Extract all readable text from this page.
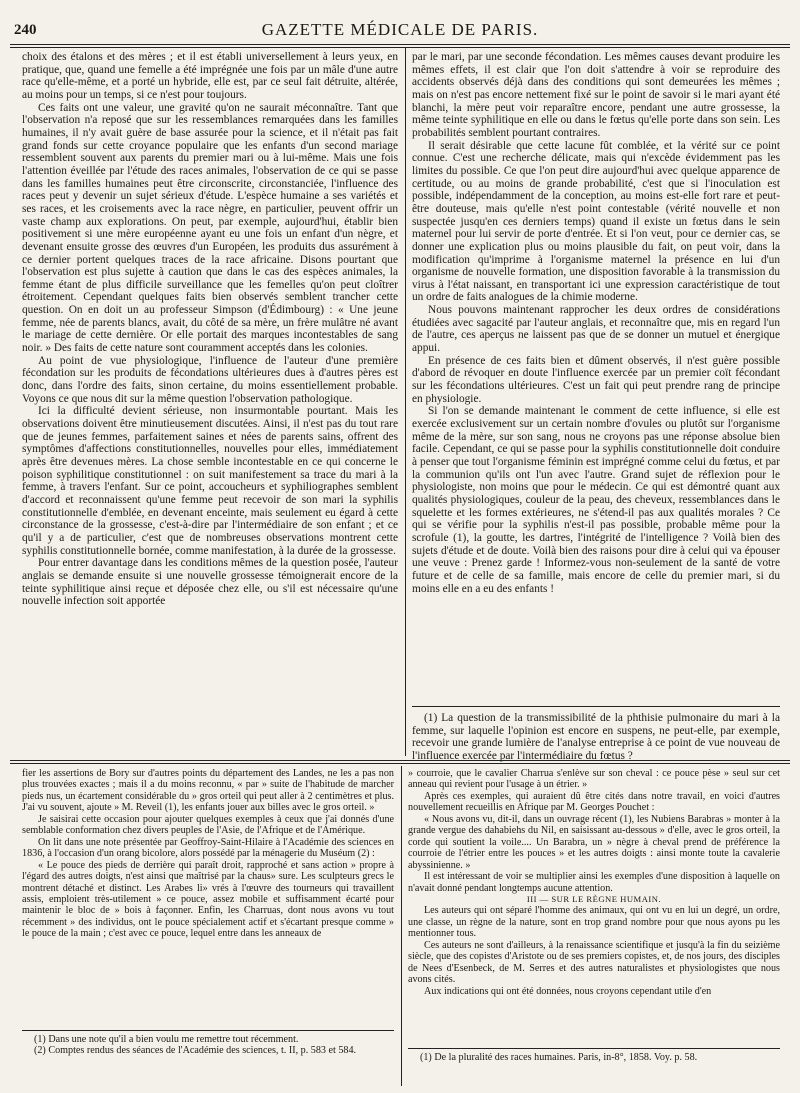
240	GAZETTE MÉDICALE DE PARIS.

choix des étalons et des mères ; et il est établi universellement à leurs yeux, en pratique, que, quand une femelle a été imprégnée une fois par un mâle d'une autre race qu'elle-même, et a porté un hybride, elle est, par ce seul fait détruite, altérée, au moins pour un temps, si ce n'est pour toujours.

Ces faits ont une valeur, une gravité qu'on ne saurait méconnaître. Tant que l'observation n'a reposé que sur les ressemblances remarquées dans les familles humaines, il n'y avait guère de base assurée pour la science, et il n'était pas fait grand fonds sur cette croyance populaire que les enfants d'un second mariage ressemblent souvent aux parents du premier mari ou à lui-même. Mais une fois l'attention éveillée par l'étude des races animales, l'observation de ce qui se passe dans les familles humaines peut être circonscrite, circonstanciée, l'influence des races peut y devenir un sujet sérieux d'étude. L'espèce humaine a ses variétés et ses races, et les croisements avec la race nègre, en particulier, peuvent offrir un vaste champ aux explorations. On peut, par exemple, aujourd'hui, établir bien positivement si une mère européenne ayant eu une fois un enfant d'un nègre, et devenant ensuite grosse des œuvres d'un Européen, les produits dus assurément à ce dernier portent quelques traces de la race africaine. Disons pourtant que l'observation est plus sujette à caution que dans le cas des espèces animales, la femme étant de plus difficile surveillance que les femelles qu'on peut cloîtrer étroitement. Cependant quelques faits bien observés semblent trancher cette question. On en doit un au professeur Simpson (d'Édimbourg) : « Une jeune femme, née de parents blancs, avait, du côté de sa mère, un frère mulâtre né avant le mariage de cette dernière. Or elle portait des marques incontestables de sang noir. » Des faits de cette nature sont couramment acceptés dans les colonies.

Au point de vue physiologique, l'influence de l'auteur d'une première fécondation sur les produits de fécondations ultérieures dues à d'autres pères est donc, dans l'ordre des faits, sinon certaine, du moins essentiellement probable. Voyons ce que nous dit sur la même question l'observation pathologique.

Ici la difficulté devient sérieuse, non insurmontable pourtant. Mais les observations doivent être minutieusement discutées. Ainsi, il n'est pas du tout rare que de jeunes femmes, parfaitement saines et nées de parents sains, offrent des symptômes d'affections constitutionnelles, nouvelles pour elles, immédiatement après être devenues mères. La chose semble incontestable en ce qui concerne le poison syphilitique constitutionnel : on suit manifestement sa trace du mari à la femme, à travers l'enfant. Sur ce point, accoucheurs et syphiliographes semblent d'accord et reconnaissent qu'une femme peut recevoir de son mari la syphilis constitutionnelle d'emblée, en devenant enceinte, mais seulement eu égard à cette circonstance de la grossesse, c'est-à-dire par l'intermédiaire de son enfant ; et ce qu'il y a de particulier, c'est que de nombreuses observations montrent cette syphilis constitutionnelle bornée, comme manifestation, à la durée de la grossesse.

Pour entrer davantage dans les conditions mêmes de la question posée, l'auteur anglais se demande ensuite si une nouvelle grossesse témoignerait encore de la teinte syphilitique ainsi reçue et déposée chez elle, ou s'il est nécessaire qu'une nouvelle infection soit apportée

par le mari, par une seconde fécondation. Les mêmes causes devant produire les mêmes effets, il est clair que l'on doit s'attendre à voir se reproduire des accidents observés déjà dans des conditions qui sont demeurées les mêmes ; mais on n'est pas encore nettement fixé sur le point de savoir si le mari ayant été blanchi, la mère peut voir reparaître encore, pendant une autre grossesse, la même teinte syphilitique en elle ou dans le fœtus qu'elle porte dans son sein. Les probabilités semblent pourtant contraires.

Il serait désirable que cette lacune fût comblée, et la vérité sur ce point connue. C'est une recherche délicate, mais qui n'excède évidemment pas les limites du possible. Ce que l'on peut dire aujourd'hui avec quelque apparence de certitude, ou au moins de grande probabilité, c'est que si l'inoculation est possible, indépendamment de la conception, au moins est-elle fort rare et peut-être douteuse, mais qu'elle n'est point contestable (vérité nouvelle et non suspectée jusqu'en ces derniers temps) quand il existe un fœtus dans le sein maternel pour lui servir de porte d'entrée. Et si l'on veut, pour ce dernier cas, se donner une explication plus ou moins plausible du fait, on peut voir, dans la modification qu'imprime à l'organisme maternel la présence en lui d'un organisme de nouvelle formation, une disposition favorable à la transmission du virus à l'état naissant, en transportant ici une expression caractéristique de tout un ordre de faits analogues de la chimie moderne.

Nous pouvons maintenant rapprocher les deux ordres de considérations étudiées avec sagacité par l'auteur anglais, et reconnaître que, mis en regard l'un de l'autre, ces aperçus ne laissent pas que de se donner un mutuel et énergique appui.

En présence de ces faits bien et dûment observés, il n'est guère possible d'abord de révoquer en doute l'influence exercée par un premier coït fécondant sur les fécondations ultérieures. C'est un fait qui peut prendre rang de principe en physiologie.

Si l'on se demande maintenant le comment de cette influence, si elle est exercée exclusivement sur un certain nombre d'ovules ou plutôt sur l'organisme même de la mère, sur son sang, nous ne croyons pas une réponse absolue bien facile. Cependant, ce qui se passe pour la syphilis constitutionnelle doit conduire à penser que tout l'organisme féminin est imprégné comme celui du fœtus, et par la communion qu'ils ont l'un avec l'autre. Grand sujet de réflexion pour le physiologiste, non moins que pour le médecin. Ce qui est démontré quant aux qualités physiologiques, couleur de la peau, des cheveux, ressemblances dans le squelette et les formes extérieures, ne s'étend-il pas aux qualités morales ? Ce qui se vérifie pour la syphilis n'est-il pas possible, probable même pour la scrofule (1), la goutte, les dartres, l'intégrité de l'intelligence ? Voilà bien des sujets d'étude et de doute. Voilà bien des raisons pour dire à celui qui va épouser une veuve : Prenez garde ! Informez-vous non-seulement de la santé de votre future et de celle de sa famille, mais encore de celle du premier mari, si du moins elle en a eu des enfants !

(1) La question de la transmissibilité de la phthisie pulmonaire du mari à la femme, sur laquelle l'opinion est encore en suspens, ne peut-elle, par exemple, recevoir une grande lumière de l'analyse entreprise à ce point de vue nouveau de l'influence exercée par l'intermédiaire du fœtus ?

fier les assertions de Bory sur d'autres points du département des Landes, ne les a pas non plus trouvées exactes ; mais il a du moins reconnu, « par » suite de l'habitude de marcher pieds nus, un écartement considérable du » gros orteil qui peut aller à 2 centimètres et plus. J'ai vu souvent, ajoute » M. Reveil (1), les enfants jouer aux billes avec le gros orteil. »

Je saisirai cette occasion pour ajouter quelques exemples à ceux que j'ai donnés d'une semblable conformation chez divers peuples de l'Asie, de l'Afrique et de l'Amérique.

On lit dans une note présentée par Geoffroy-Saint-Hilaire à l'Académie des sciences en 1836, à l'occasion d'un orang bicolore, alors possédé par la ménagerie du Muséum (2) :

« Le pouce des pieds de derrière qui paraît droit, rapproché et sans action » propre à l'égard des autres doigts, n'est ainsi que maîtrisé par la chaus» sure. Les sculpteurs grecs le montrent détaché et distinct. Les Arabes li» vrés à l'œuvre des tourneurs qui travaillent assis, emploient très-utilement » ce pouce, assez mobile et suffisamment écarté pour maintenir le bloc de » bois à façonner. Enfin, les Charruas, dont nous avons vu tout récemment » des individus, ont le pouce spécialement actif et s'écartant presque comme » le pouce de la main ; c'est avec ce pouce, lequel entre dans les anneaux de

(1) Dans une note qu'il a bien voulu me remettre tout récemment.

(2) Comptes rendus des séances de l'Académie des sciences, t. II, p. 583 et 584.

» courroie, que le cavalier Charrua s'enlève sur son cheval : ce pouce pèse » seul sur cet anneau qui revient pour l'usage à un étrier. »

Après ces exemples, qui auraient dû être cités dans notre travail, en voici d'autres nouvellement recueillis en Afrique par M. Georges Pouchet :

« Nous avons vu, dit-il, dans un ouvrage récent (1), les Nubiens Barabras » monter à la grande vergue des dahabiehs du Nil, en saisissant au-dessous » d'elle, avec le gros orteil, la corde qui soutient la voile.... Un Barabra, un » nègre à cheval prend de préférence la courroie de l'étrier entre les pouces » et les autres doigts : ainsi monte toute la cavalerie abyssinienne. »

Il est intéressant de voir se multiplier ainsi les exemples d'une disposition à laquelle on n'avait donné pendant longtemps aucune attention.

III — SUR LE RÈGNE HUMAIN.

Les auteurs qui ont séparé l'homme des animaux, qui ont vu en lui un degré, un ordre, une classe, un règne de la nature, sont en trop grand nombre pour que nous ayons pu les mentionner tous.

Ces auteurs ne sont d'ailleurs, à la renaissance scientifique et jusqu'à la fin du seizième siècle, que des copistes d'Aristote ou de ses premiers copistes, et, de nos jours, des disciples de Nees d'Esenbeck, de M. Serres et des autres naturalistes et physiologistes que nous avons cités.

Aux indications qui ont été données, nous croyons cependant utile d'en

(1) De la pluralité des races humaines. Paris, in-8°, 1858. Voy. p. 58.
